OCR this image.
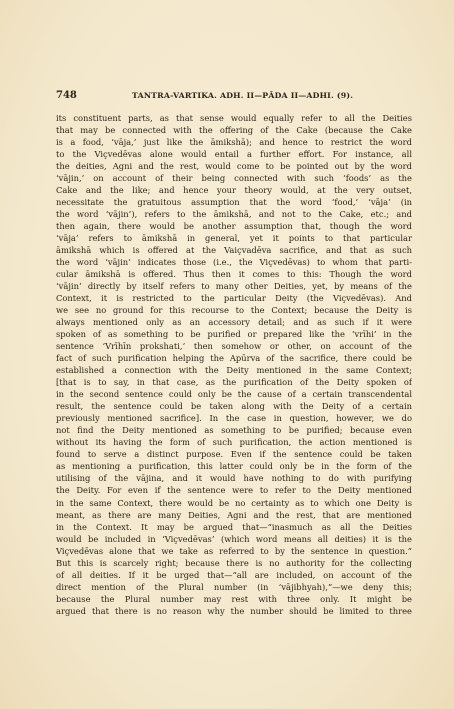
748	TANTRA-VARTIKA. ADH. II—PĀDA II—ADHI. (9).
its constituent parts, as that sense would equally refer to all the Deities
that may be connected with the offering of the Cake (because the Cake
is a food, ‘vāja,’ just like the āmikshā); and hence to restrict the word
to the Viçvedēvas alone would entail a further effort. For instance, all
the deities, Agni and the rest, would come to be pointed out by the word
‘vājin,’ on account of their being connected with such ‘foods’ as the
Cake and the like; and hence your theory would, at the very outset,
necessitate the gratuitous assumption that the word ‘food,’ ‘vāja’ (in
the word ‘vājin’), refers to the āmikshā, and not to the Cake, etc.; and
then again, there would be another assumption that, though the word
‘vāja’ refers to āmikshā in general, yet it points to that particular
āmikshā which is offered at the Vaiçvadēva sacrifice, and that as such
the word ‘vājin’ indicates those (i.e., the Viçvedēvas) to whom that parti-
cular āmikshā is offered. Thus then it comes to this: Though the word
‘vājin’ directly by itself refers to many other Deities, yet, by means of the
Context, it is restricted to the particular Deity (the Viçvedēvas). And
we see no ground for this recourse to the Context; because the Deity is
always mentioned only as an accessory detail; and as such if it were
spoken of as something to be purified or prepared like the ‘vrīhi’ in the
sentence ‘Vrīhīn prokshati,’ then somehow or other, on account of the
fact of such purification helping the Apūrva of the sacrifice, there could be
established a connection with the Deity mentioned in the same Context;
[that is to say, in that case, as the purification of the Deity spoken of
in the second sentence could only be the cause of a certain transcendental
result, the sentence could be taken along with the Deity of a certain
previously mentioned sacrifice]. In the case in question, however, we do
not find the Deity mentioned as something to be purified; because even
without its having the form of such purification, the action mentioned is
found to serve a distinct purpose. Even if the sentence could be taken
as mentioning a purification, this latter could only be in the form of the
utilising of the vājina, and it would have nothing to do with purifying
the Deity. For even if the sentence were to refer to the Deity mentioned
in the same Context, there would be no certainty as to which one Deity is
meant, as there are many Deities, Agni and the rest, that are mentioned
in the Context. It may be argued that—“inasmuch as all the Deities
would be included in ‘Viçvedēvas’ (which word means all deities) it is the
Viçvedēvas alone that we take as referred to by the sentence in question.”
But this is scarcely right; because there is no authority for the collecting
of all deities. If it be urged that—“all are included, on account of the
direct mention of the Plural number (in ‘vājibhyah),”—we deny this;
because the Plural number may rest with three only. It might be
argued that there is no reason why the number should be limited to three
